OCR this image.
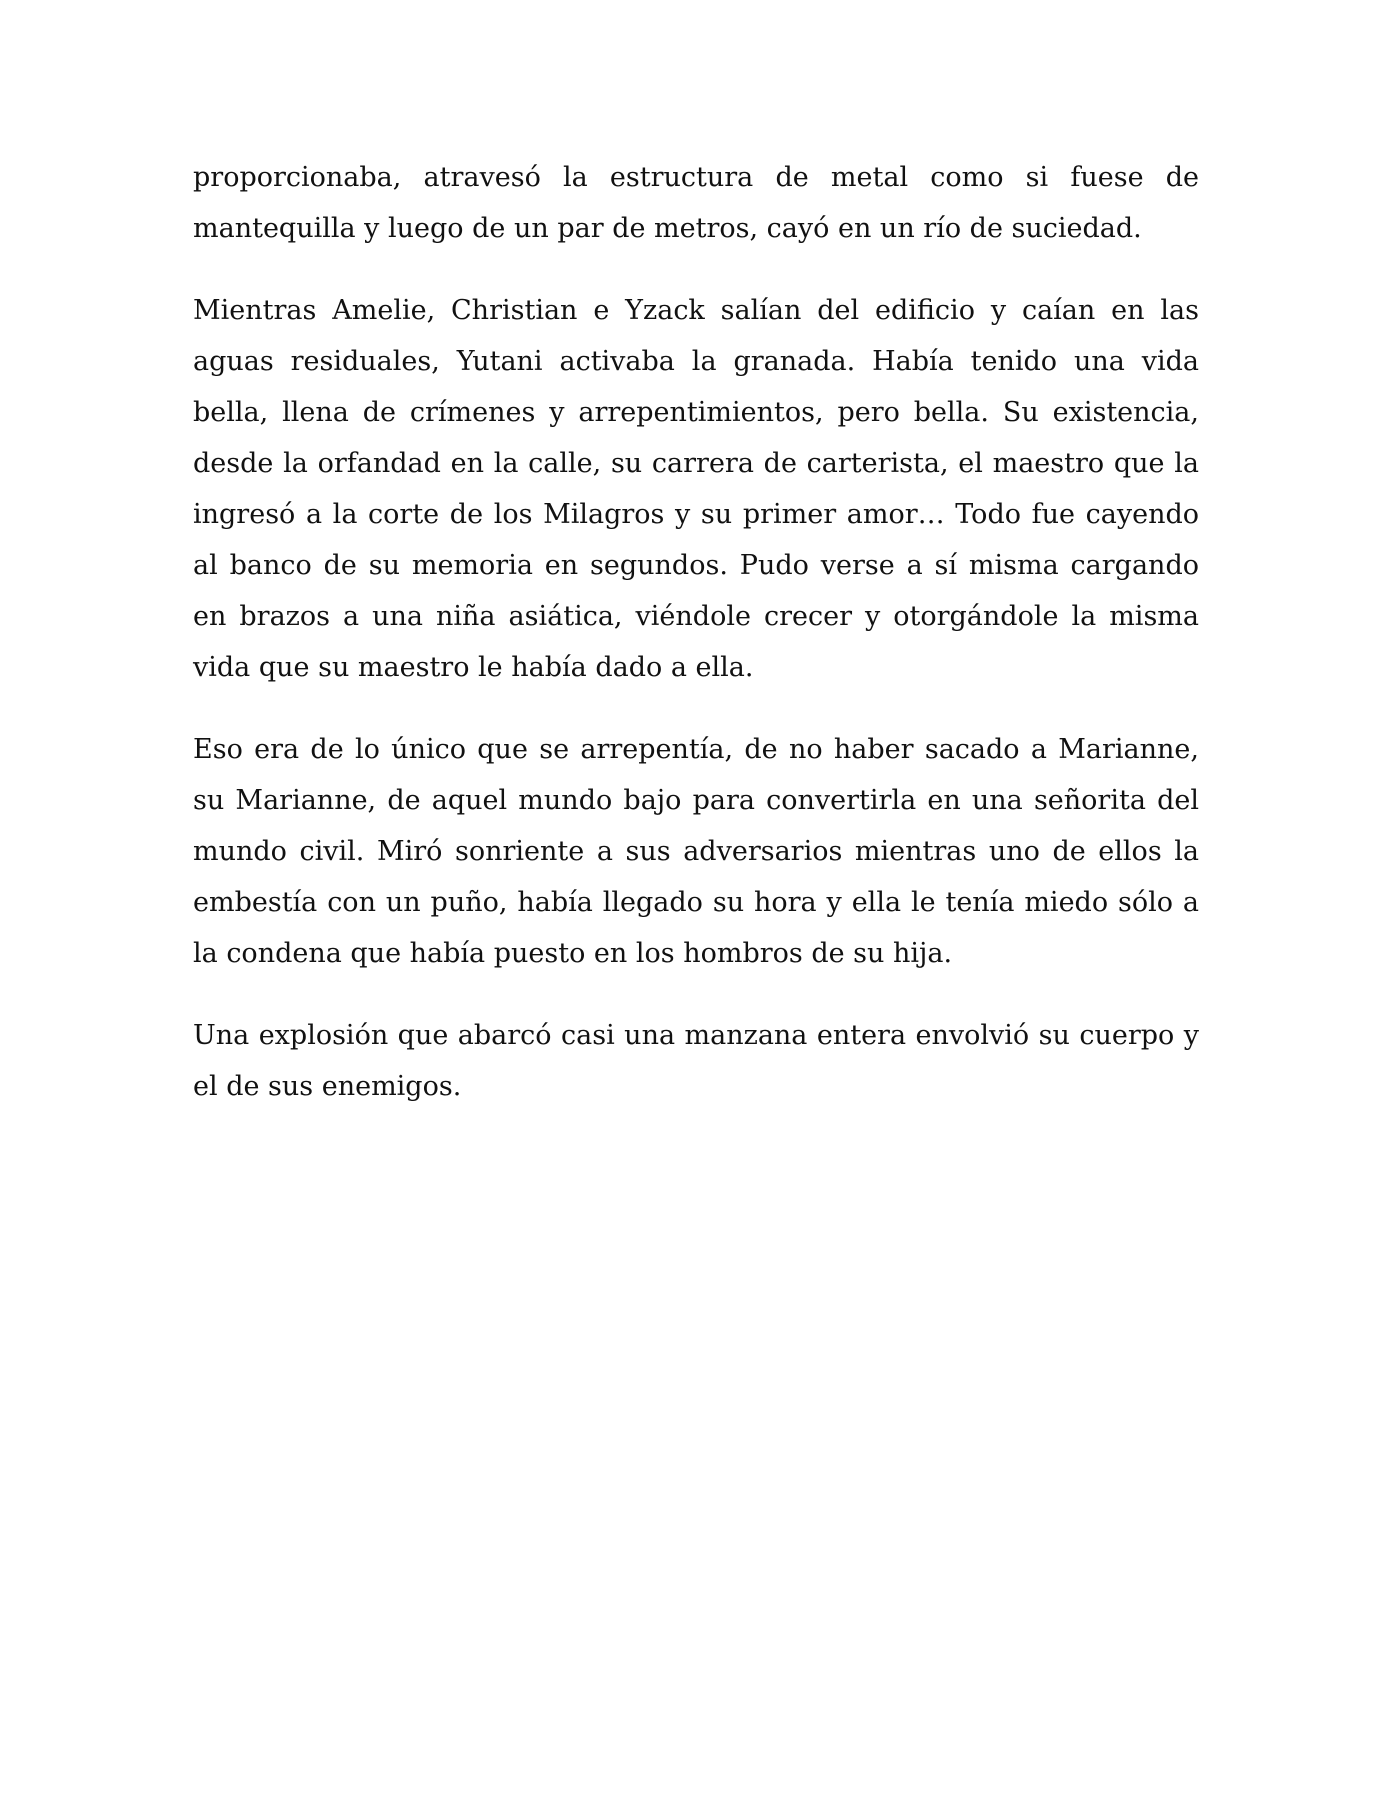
proporcionaba, atravesó la estructura de metal como si fuese de mantequilla y luego de un par de metros, cayó en un río de suciedad.

Mientras Amelie, Christian e Yzack salían del edificio y caían en las aguas residuales, Yutani activaba la granada. Había tenido una vida bella, llena de crímenes y arrepentimientos, pero bella. Su existencia, desde la orfandad en la calle, su carrera de carterista, el maestro que la ingresó a la corte de los Milagros y su primer amor… Todo fue cayendo al banco de su memoria en segundos. Pudo verse a sí misma cargando en brazos a una niña asiática, viéndole crecer y otorgándole la misma vida que su maestro le había dado a ella.

Eso era de lo único que se arrepentía, de no haber sacado a Marianne, su Marianne, de aquel mundo bajo para convertirla en una señorita del mundo civil. Miró sonriente a sus adversarios mientras uno de ellos la embestía con un puño, había llegado su hora y ella le tenía miedo sólo a la condena que había puesto en los hombros de su hija.

Una explosión que abarcó casi una manzana entera envolvió su cuerpo y el de sus enemigos.
